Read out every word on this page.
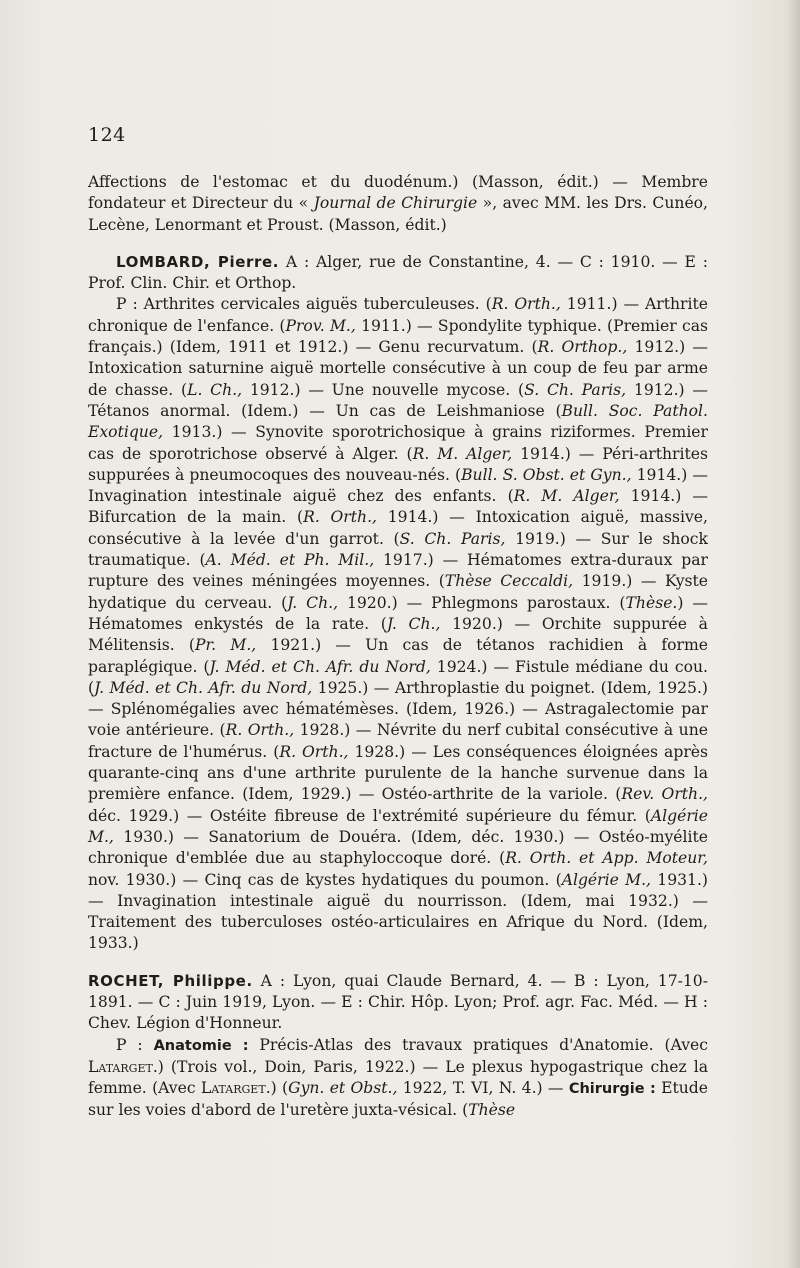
124

Affections de l'estomac et du duodénum.) (Masson, édit.) — Membre fondateur et Directeur du « Journal de Chirurgie », avec MM. les Drs. Cunéo, Lecène, Lenormant et Proust. (Masson, édit.)

LOMBARD, Pierre. A : Alger, rue de Constantine, 4. — C : 1910. — E : Prof. Clin. Chir. et Orthop.

P : Arthrites cervicales aiguës tuberculeuses. (R. Orth., 1911.) — Arthrite chronique de l'enfance. (Prov. M., 1911.) — Spondylite typhique. (Premier cas français.) (Idem, 1911 et 1912.) — Genu recurvatum. (R. Orthop., 1912.) — Intoxication saturnine aiguë mortelle consécutive à un coup de feu par arme de chasse. (L. Ch., 1912.) — Une nouvelle mycose. (S. Ch. Paris, 1912.) — Tétanos anormal. (Idem.) — Un cas de Leishmaniose (Bull. Soc. Pathol. Exotique, 1913.) — Synovite sporotrichosique à grains riziformes. Premier cas de sporotrichose observé à Alger. (R. M. Alger, 1914.) — Péri-arthrites suppurées à pneumocoques des nouveau-nés. (Bull. S. Obst. et Gyn., 1914.) — Invagination intestinale aiguë chez des enfants. (R. M. Alger, 1914.) — Bifurcation de la main. (R. Orth., 1914.) — Intoxication aiguë, massive, consécutive à la levée d'un garrot. (S. Ch. Paris, 1919.) — Sur le shock traumatique. (A. Méd. et Ph. Mil., 1917.) — Hématomes extra-duraux par rupture des veines méningées moyennes. (Thèse Ceccaldi, 1919.) — Kyste hydatique du cerveau. (J. Ch., 1920.) — Phlegmons parostaux. (Thèse.) — Hématomes enkystés de la rate. (J. Ch., 1920.) — Orchite suppurée à Mélitensis. (Pr. M., 1921.) — Un cas de tétanos rachidien à forme paraplégique. (J. Méd. et Ch. Afr. du Nord, 1924.) — Fistule médiane du cou. (J. Méd. et Ch. Afr. du Nord, 1925.) — Arthroplastie du poignet. (Idem, 1925.) — Splénomégalies avec hématémèses. (Idem, 1926.) — Astragalectomie par voie antérieure. (R. Orth., 1928.) — Névrite du nerf cubital consécutive à une fracture de l'humérus. (R. Orth., 1928.) — Les conséquences éloignées après quarante-cinq ans d'une arthrite purulente de la hanche survenue dans la première enfance. (Idem, 1929.) — Ostéo-arthrite de la variole. (Rev. Orth., déc. 1929.) — Ostéite fibreuse de l'extrémité supérieure du fémur. (Algérie M., 1930.) — Sanatorium de Douéra. (Idem, déc. 1930.) — Ostéo-myélite chronique d'emblée due au staphyloccoque doré. (R. Orth. et App. Moteur, nov. 1930.) — Cinq cas de kystes hydatiques du poumon. (Algérie M., 1931.) — Invagination intestinale aiguë du nourrisson. (Idem, mai 1932.) — Traitement des tuberculoses ostéo-articulaires en Afrique du Nord. (Idem, 1933.)

ROCHET, Philippe. A : Lyon, quai Claude Bernard, 4. — B : Lyon, 17-10-1891. — C : Juin 1919, Lyon. — E : Chir. Hôp. Lyon; Prof. agr. Fac. Méd. — H : Chev. Légion d'Honneur.

P : Anatomie : Précis-Atlas des travaux pratiques d'Anatomie. (Avec Latarget.) (Trois vol., Doin, Paris, 1922.) — Le plexus hypogastrique chez la femme. (Avec Latarget.) (Gyn. et Obst., 1922, T. VI, N. 4.) — Chirurgie : Etude sur les voies d'abord de l'uretère juxta-vésical. (Thèse
